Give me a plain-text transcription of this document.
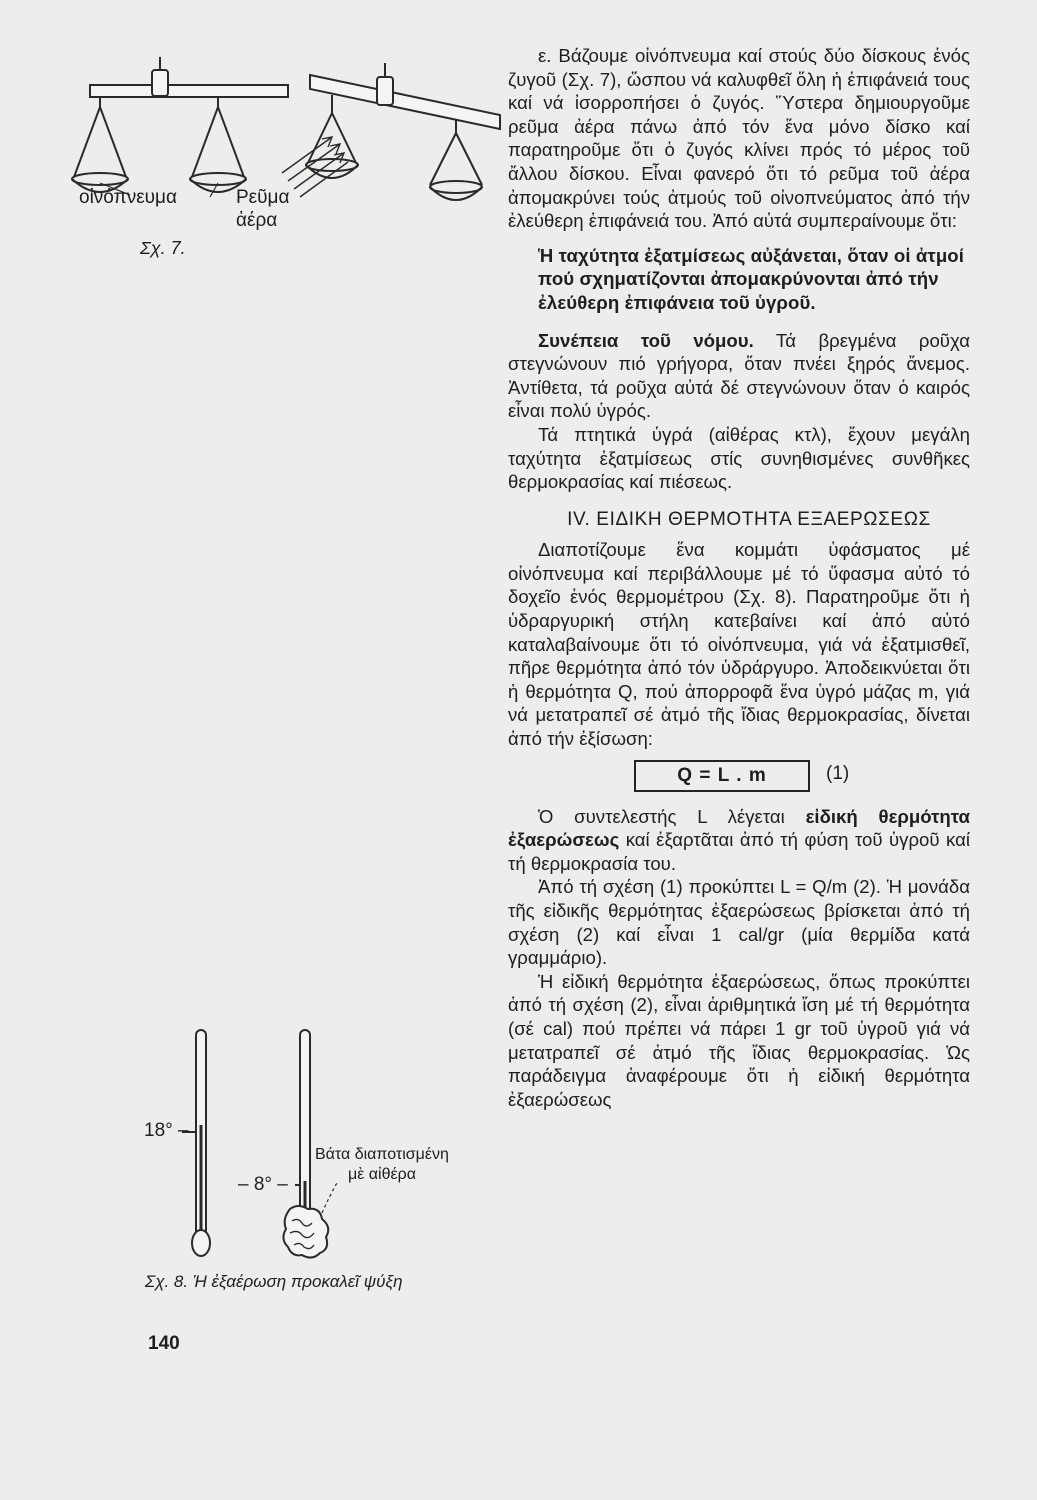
οἰνόπνευμα	Ρεῦμα
ἀέρα
Σχ. 7.
18° –
– 8° –
Βάτα διαποτισμένη
μὲ αἰθέρα
Σχ. 8. Ἡ ἐξαέρωση προκαλεῖ ψύξη
140

ε. Βάζουμε οἰνόπνευμα καί στούς δύο δίσκους ἑνός ζυγοῦ (Σχ. 7), ὥσπου νά καλυφθεῖ ὅλη ἡ ἐπιφάνειά τους καί νά ἰσορροπήσει ὁ ζυγός. Ὕστερα δημιουργοῦμε ρεῦμα ἀέρα πάνω ἀπό τόν ἕνα μόνο δίσκο καί παρατηροῦμε ὅτι ὁ ζυγός κλίνει πρός τό μέρος τοῦ ἄλλου δίσκου. Εἶναι φανερό ὅτι τό ρεῦμα τοῦ ἀέρα ἀπομακρύνει τούς ἀτμούς τοῦ οἰνοπνεύματος ἀπό τήν ἐλεύθερη ἐπιφάνειά του. Ἀπό αὐτά συμπεραίνουμε ὅτι:

Ἡ ταχύτητα ἐξατμίσεως αὐξάνεται, ὅταν οἱ ἀτμοί πού σχηματίζονται ἀπομακρύνονται ἀπό τήν ἐλεύθερη ἐπιφάνεια τοῦ ὑγροῦ.

Συνέπεια τοῦ νόμου. Τά βρεγμένα ροῦχα στεγνώνουν πιό γρήγορα, ὅταν πνέει ξηρός ἄνεμος. Ἀντίθετα, τά ροῦχα αὐτά δέ στεγνώνουν ὅταν ὁ καιρός εἶναι πολύ ὑγρός.

Τά πτητικά ὑγρά (αἰθέρας κτλ), ἔχουν μεγάλη ταχύτητα ἐξατμίσεως στίς συνηθισμένες συνθῆκες θερμοκρασίας καί πιέσεως.

IV. ΕΙΔΙΚΗ ΘΕΡΜΟΤΗΤΑ ΕΞΑΕΡΩΣΕΩΣ

Διαποτίζουμε ἕνα κομμάτι ὑφάσματος μέ οἰνόπνευμα καί περιβάλλουμε μέ τό ὕφασμα αὐτό τό δοχεῖο ἑνός θερμομέτρου (Σχ. 8). Παρατηροῦμε ὅτι ἡ ὑδραργυρική στήλη κατεβαίνει καί ἀπό αὐτό καταλαβαίνουμε ὅτι τό οἰνόπνευμα, γιά νά ἐξατμισθεῖ, πῆρε θερμότητα ἀπό τόν ὑδράργυρο. Ἀποδεικνύεται ὅτι ἡ θερμότητα Q, πού ἀπορροφᾶ ἕνα ὑγρό μάζας m, γιά νά μετατραπεῖ σέ ἀτμό τῆς ἴδιας θερμοκρασίας, δίνεται ἀπό τήν ἐξίσωση:

Q = L . m	(1)

Ὁ συντελεστής L λέγεται εἰδική θερμότητα ἐξαερώσεως καί ἐξαρτᾶται ἀπό τή φύση τοῦ ὑγροῦ καί τή θερμοκρασία του.

Ἀπό τή σχέση (1) προκύπτει L = Q/m (2). Ἡ μονάδα τῆς εἰδικῆς θερμότητας ἐξαερώσεως βρίσκεται ἀπό τή σχέση (2) καί εἶναι 1 cal/gr (μία θερμίδα κατά γραμμάριο).

Ἡ εἰδική θερμότητα ἐξαερώσεως, ὅπως προκύπτει ἀπό τή σχέση (2), εἶναι ἀριθμητικά ἴση μέ τή θερμότητα (σέ cal) πού πρέπει νά πάρει 1 gr τοῦ ὑγροῦ γιά νά μετατραπεῖ σέ ἀτμό τῆς ἴδιας θερμοκρασίας. Ὡς παράδειγμα ἀναφέρουμε ὅτι ἡ εἰδική θερμότητα ἐξαερώσεως
